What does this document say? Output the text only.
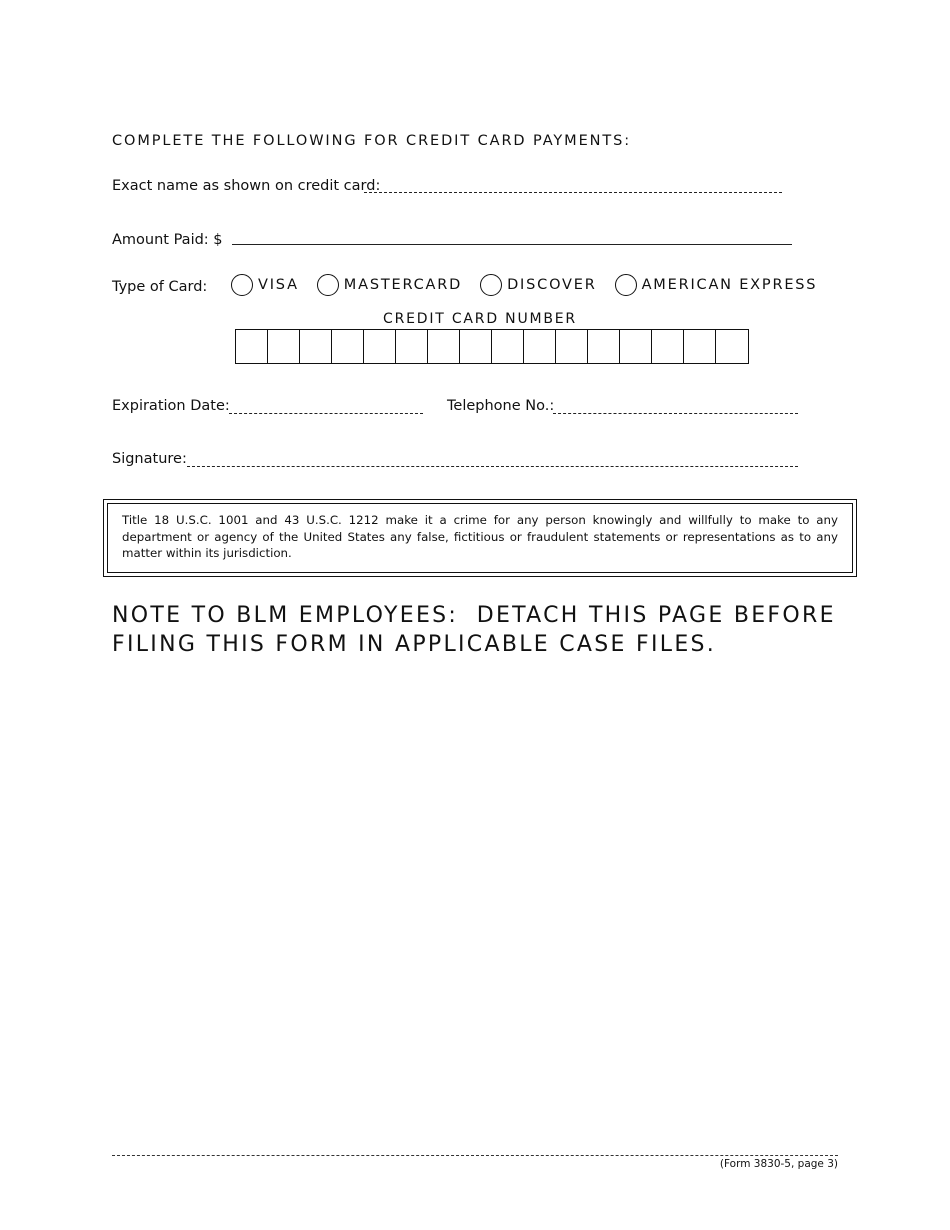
COMPLETE THE FOLLOWING FOR CREDIT CARD PAYMENTS:
Exact name as shown on credit card:
Amount Paid: $
Type of Card:	VISA	MASTERCARD	DISCOVER	AMERICAN EXPRESS
CREDIT CARD NUMBER
Expiration Date:	Telephone No.:
Signature:
Title 18 U.S.C. 1001 and 43 U.S.C. 1212 make it a crime for any person knowingly and willfully to make to any department or agency of the United States any false, fictitious or fraudulent statements or representations as to any matter within its jurisdiction.
NOTE TO BLM EMPLOYEES:  DETACH THIS PAGE BEFORE
FILING THIS FORM IN APPLICABLE CASE FILES.
(Form 3830-5, page 3)
